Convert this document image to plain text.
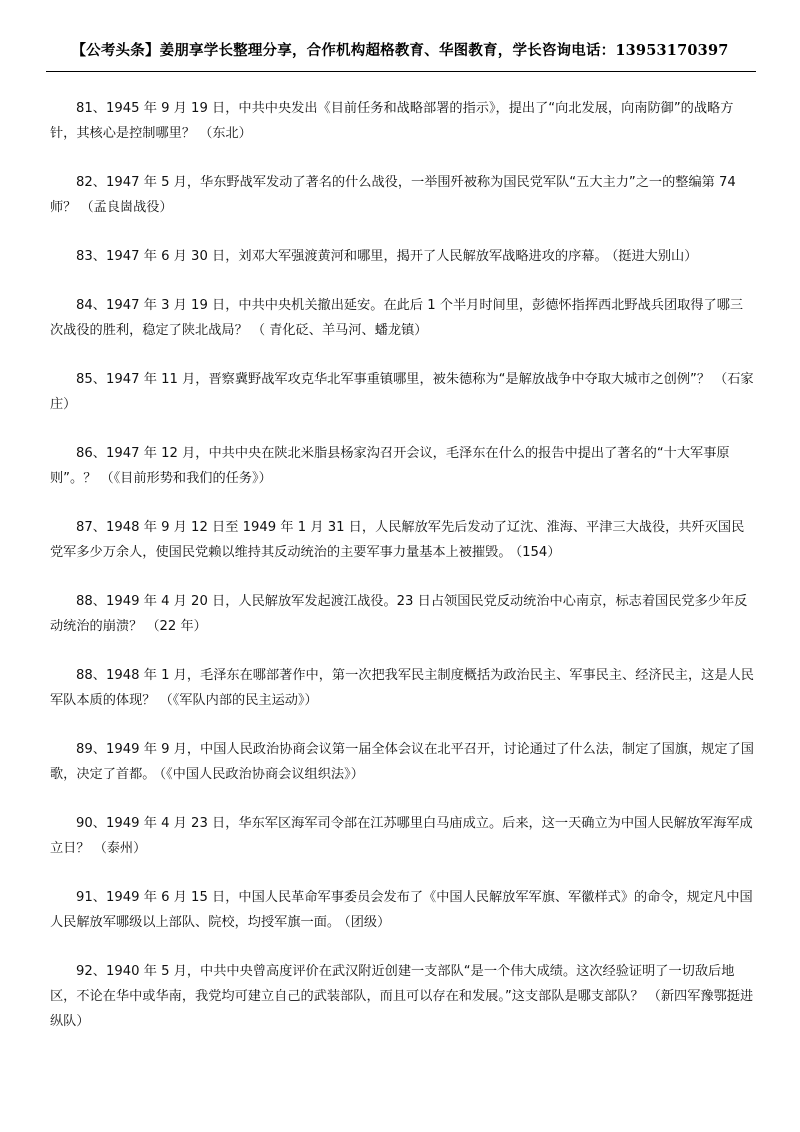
【公考头条】姜朋享学长整理分享，合作机构超格教育、华图教育，学长咨询电话：13953170397

81、1945 年 9 月 19 日，中共中央发出《目前任务和战略部署的指示》，提出了“向北发展，向南防御”的战略方针，其核心是控制哪里？ （东北）

82、1947 年 5 月，华东野战军发动了著名的什么战役，一举围歼被称为国民党军队“五大主力”之一的整编第 74 师？ （孟良崮战役）

83、1947 年 6 月 30 日，刘邓大军强渡黄河和哪里，揭开了人民解放军战略进攻的序幕。 （挺进大别山）

84、1947 年 3 月 19 日，中共中央机关撤出延安。在此后 1 个半月时间里，彭德怀指挥西北野战兵团取得了哪三次战役的胜利，稳定了陕北战局？ （ 青化砭、羊马河、蟠龙镇）

85、1947 年 11 月，晋察冀野战军攻克华北军事重镇哪里，被朱德称为“是解放战争中夺取大城市之创例”？ （石家庄）

86、1947 年 12 月，中共中央在陕北米脂县杨家沟召开会议，毛泽东在什么的报告中提出了著名的“十大军事原则”。？ （《目前形势和我们的任务》）

87、1948 年 9 月 12 日至 1949 年 1 月 31 日，人民解放军先后发动了辽沈、淮海、平津三大战役，共歼灭国民党军多少万余人，使国民党赖以维持其反动统治的主要军事力量基本上被摧毁。 （154）

88、1949 年 4 月 20 日，人民解放军发起渡江战役。23 日占领国民党反动统治中心南京，标志着国民党多少年反动统治的崩溃？ （22 年）

88、1948 年 1 月，毛泽东在哪部著作中，第一次把我军民主制度概括为政治民主、军事民主、经济民主，这是人民军队本质的体现？ （《军队内部的民主运动》）

89、1949 年 9 月，中国人民政治协商会议第一届全体会议在北平召开，讨论通过了什么法，制定了国旗，规定了国歌，决定了首都。 （《中国人民政治协商会议组织法》）

90、1949 年 4 月 23 日，华东军区海军司令部在江苏哪里白马庙成立。后来，这一天确立为中国人民解放军海军成立日？ （泰州）

91、1949 年 6 月 15 日，中国人民革命军事委员会发布了《中国人民解放军军旗、军徽样式》的命令，规定凡中国人民解放军哪级以上部队、院校，均授军旗一面。 （团级）

92、1940 年 5 月，中共中央曾高度评价在武汉附近创建一支部队“是一个伟大成绩。这次经验证明了一切敌后地区，不论在华中或华南，我党均可建立自己的武装部队，而且可以存在和发展。”这支部队是哪支部队？ （新四军豫鄂挺进纵队）
